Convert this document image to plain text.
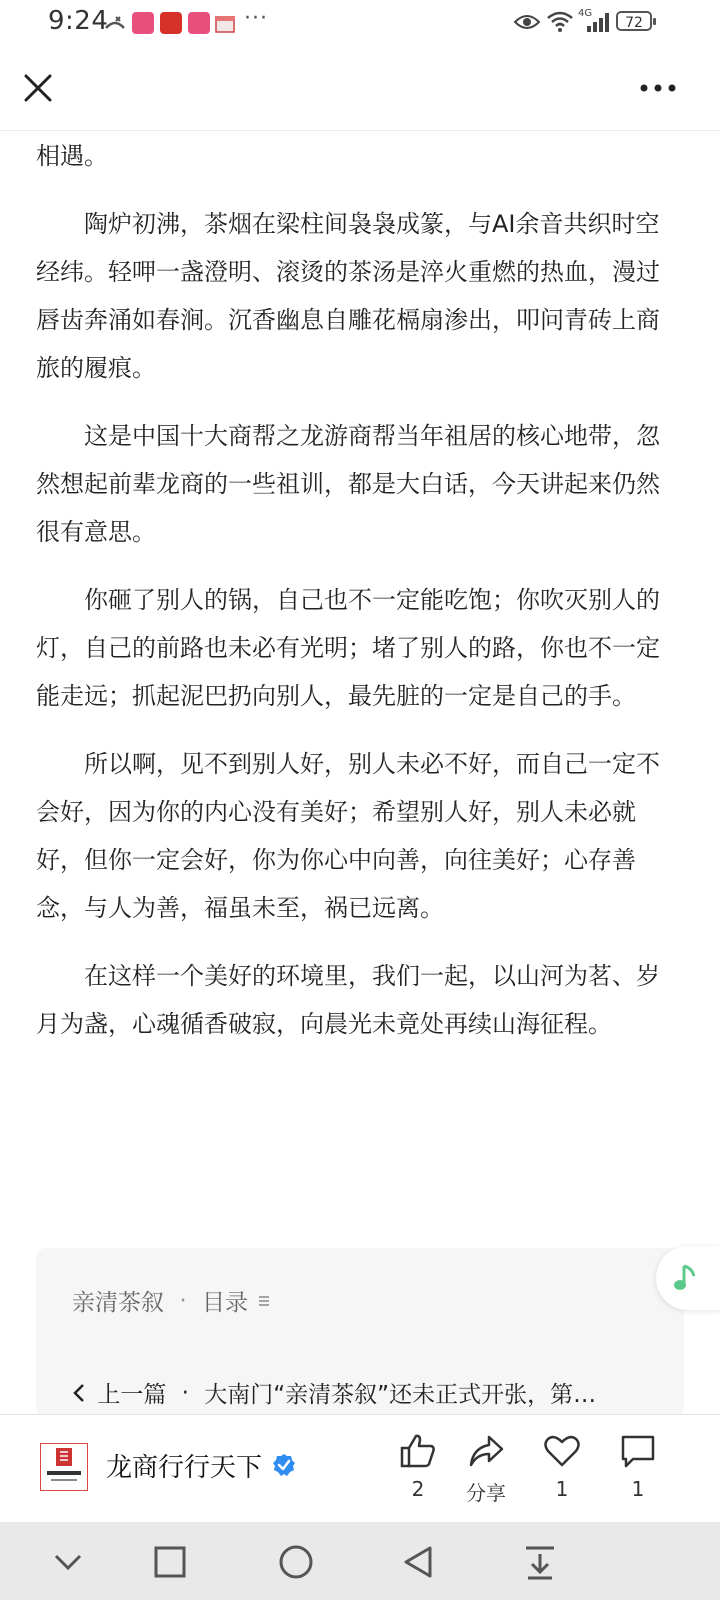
9:24	···	4G
72

相遇。

陶炉初沸，茶烟在梁柱间袅袅成篆，与AI余音共织时空经纬。轻呷一盏澄明、滚烫的茶汤是淬火重燃的热血，漫过唇齿奔涌如春涧。沉香幽息自雕花槅扇渗出，叩问青砖上商旅的履痕。

这是中国十大商帮之龙游商帮当年祖居的核心地带，忽然想起前辈龙商的一些祖训，都是大白话，今天讲起来仍然很有意思。

你砸了别人的锅，自己也不一定能吃饱；你吹灭别人的灯，自己的前路也未必有光明；堵了别人的路，你也不一定能走远；抓起泥巴扔向别人，最先脏的一定是自己的手。

所以啊，见不到别人好，别人未必不好，而自己一定不会好，因为你的内心没有美好；希望别人好，别人未必就好，但你一定会好，你为你心中向善，向往美好；心存善念，与人为善，福虽未至，祸已远离。

在这样一个美好的环境里，我们一起，以山河为茗、岁月为盏，心魂循香破寂，向晨光未竟处再续山海征程。

亲清茶叙 · 目录
上一篇 · 大南门“亲清茶叙”还未正式开张，第…
龙商行行天下
2	分享	1	1
